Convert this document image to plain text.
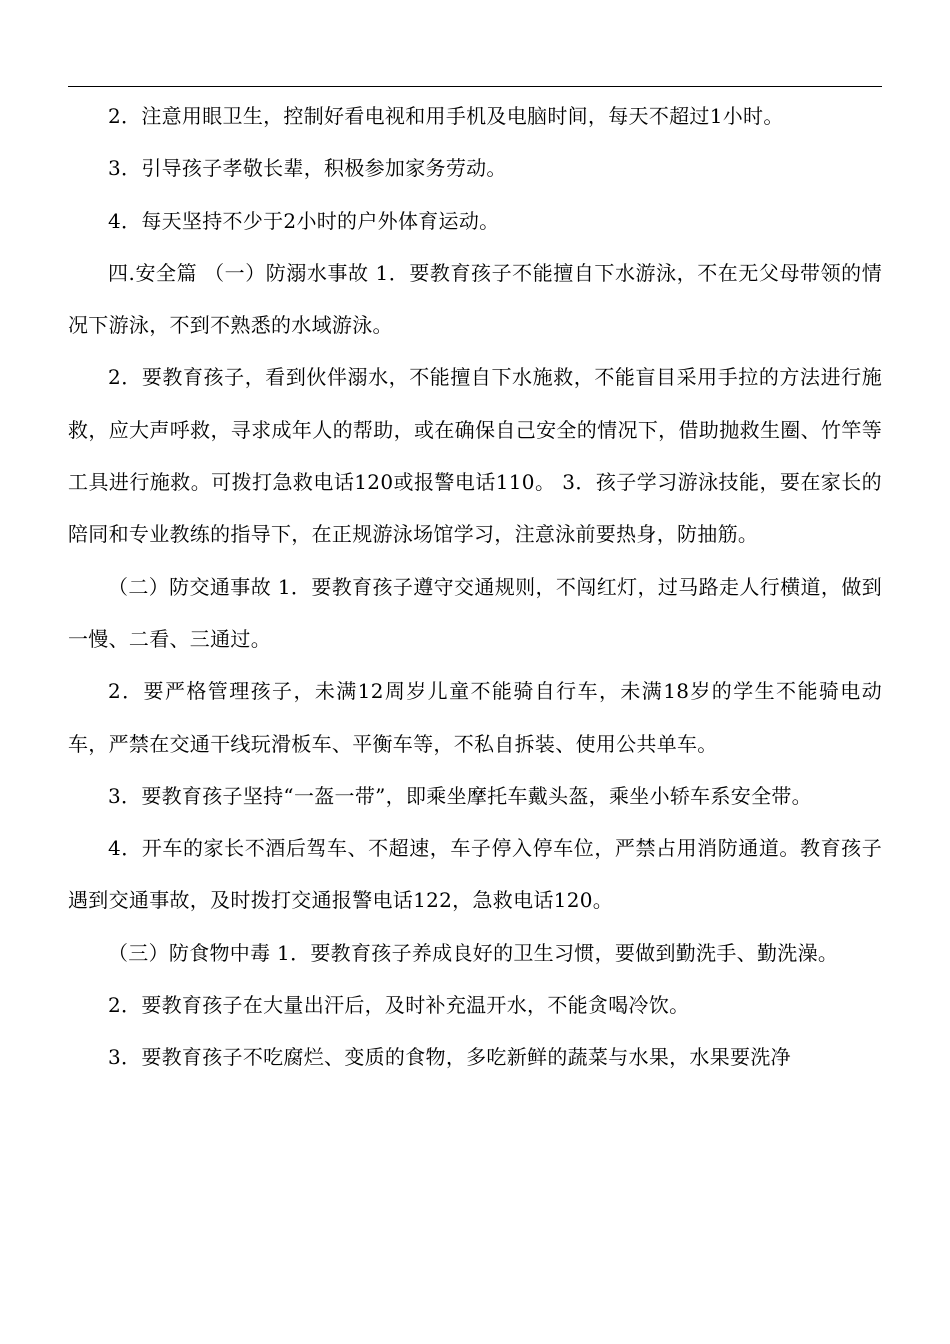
2．注意用眼卫生，控制好看电视和用手机及电脑时间，每天不超过1小时。

3．引导孩子孝敬长辈，积极参加家务劳动。

4．每天坚持不少于2小时的户外体育运动。

四.安全篇 （一）防溺水事故 1．要教育孩子不能擅自下水游泳，不在无父母带领的情况下游泳，不到不熟悉的水域游泳。

2．要教育孩子，看到伙伴溺水，不能擅自下水施救，不能盲目采用手拉的方法进行施救，应大声呼救，寻求成年人的帮助，或在确保自己安全的情况下，借助抛救生圈、竹竿等工具进行施救。可拨打急救电话120或报警电话110。 3．孩子学习游泳技能，要在家长的陪同和专业教练的指导下，在正规游泳场馆学习，注意泳前要热身，防抽筋。

（二）防交通事故 1．要教育孩子遵守交通规则，不闯红灯，过马路走人行横道，做到一慢、二看、三通过。

2．要严格管理孩子，未满12周岁儿童不能骑自行车，未满18岁的学生不能骑电动车，严禁在交通干线玩滑板车、平衡车等，不私自拆装、使用公共单车。

3．要教育孩子坚持“一盔一带”，即乘坐摩托车戴头盔，乘坐小轿车系安全带。

4．开车的家长不酒后驾车、不超速，车子停入停车位，严禁占用消防通道。教育孩子遇到交通事故，及时拨打交通报警电话122，急救电话120。

（三）防食物中毒 1．要教育孩子养成良好的卫生习惯，要做到勤洗手、勤洗澡。

2．要教育孩子在大量出汗后，及时补充温开水，不能贪喝冷饮。

3．要教育孩子不吃腐烂、变质的食物，多吃新鲜的蔬菜与水果，水果要洗净
